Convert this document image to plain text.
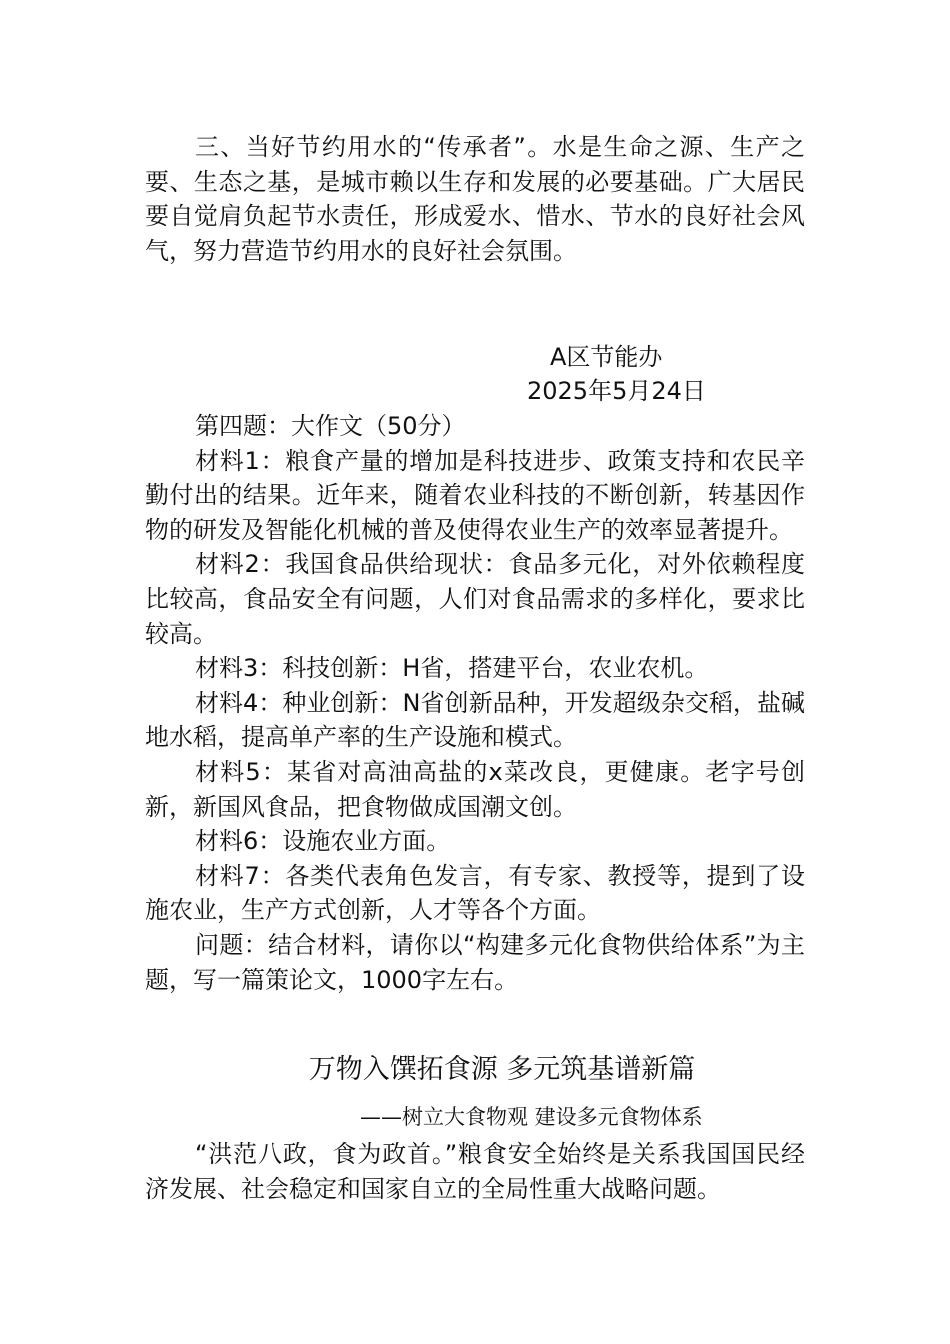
三、当好节约用水的“传承者”。水是生命之源、生产之要、生态之基，是城市赖以生存和发展的必要基础。广大居民要自觉肩负起节水责任，形成爱水、惜水、节水的良好社会风气，努力营造节约用水的良好社会氛围。

A区节能办

2025年5月24日

第四题：大作文（50分）

材料1：粮食产量的增加是科技进步、政策支持和农民辛勤付出的结果。近年来，随着农业科技的不断创新，转基因作物的研发及智能化机械的普及使得农业生产的效率显著提升。

材料2：我国食品供给现状：食品多元化，对外依赖程度比较高，食品安全有问题，人们对食品需求的多样化，要求比较高。

材料3：科技创新：H省，搭建平台，农业农机。

材料4：种业创新：N省创新品种，开发超级杂交稻，盐碱地水稻，提高单产率的生产设施和模式。

材料5：某省对高油高盐的x菜改良，更健康。老字号创新，新国风食品，把食物做成国潮文创。

材料6：设施农业方面。

材料7：各类代表角色发言，有专家、教授等，提到了设施农业，生产方式创新，人才等各个方面。

问题：结合材料，请你以“构建多元化食物供给体系”为主题，写一篇策论文，1000字左右。

万物入馔拓食源 多元筑基谱新篇

——树立大食物观 建设多元食物体系

“洪范八政，食为政首。”粮食安全始终是关系我国国民经济发展、社会稳定和国家自立的全局性重大战略问题。
